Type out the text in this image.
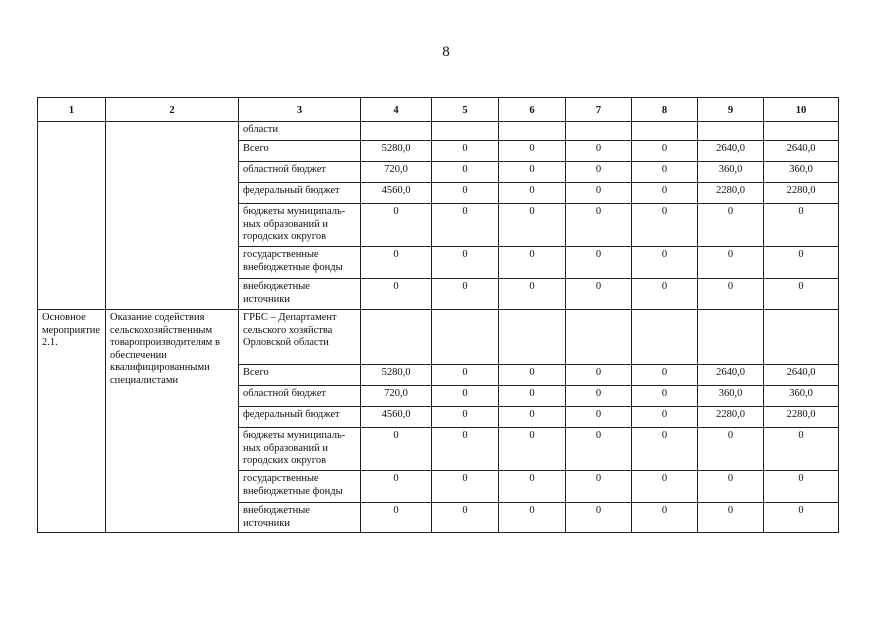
8
1	2	3	4	5	6	7	8	9	10
		области							
		Всего	5280,0	0	0	0	0	2640,0	2640,0
		областной бюджет	720,0	0	0	0	0	360,0	360,0
		федеральный бюджет	4560,0	0	0	0	0	2280,0	2280,0
		бюджеты муниципаль-ных образований и городских округов	0	0	0	0	0	0	0
		государственные внебюджетные фонды	0	0	0	0	0	0	0
		внебюджетные источники	0	0	0	0	0	0	0
Основное мероприятие 2.1.	Оказание содействия сельскохозяйственным товаропроизводителям в обеспечении квалифицированными специалистами	ГРБС – Департамент сельского хозяйства Орловской области							
		Всего	5280,0	0	0	0	0	2640,0	2640,0
		областной бюджет	720,0	0	0	0	0	360,0	360,0
		федеральный бюджет	4560,0	0	0	0	0	2280,0	2280,0
		бюджеты муниципаль-ных образований и городских округов	0	0	0	0	0	0	0
		государственные внебюджетные фонды	0	0	0	0	0	0	0
		внебюджетные источники	0	0	0	0	0	0	0
